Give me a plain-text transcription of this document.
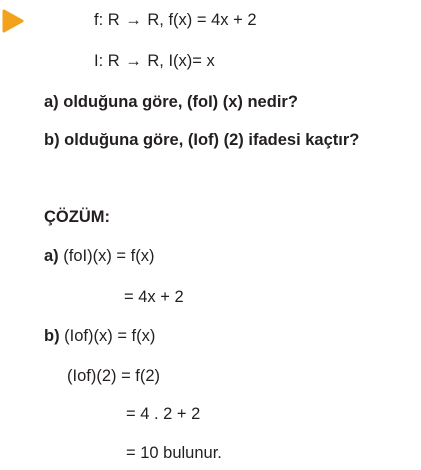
f: R → R, f(x) = 4x + 2
I: R → R, I(x)= x
a) olduğuna göre, (foI) (x) nedir?
b) olduğuna göre, (Iof) (2) ifadesi kaçtır?
ÇÖZÜM:
a) (foI)(x) = f(x)
= 4x + 2
b) (Iof)(x) = f(x)
(Iof)(2) = f(2)
= 4 . 2 + 2
= 10 bulunur.
